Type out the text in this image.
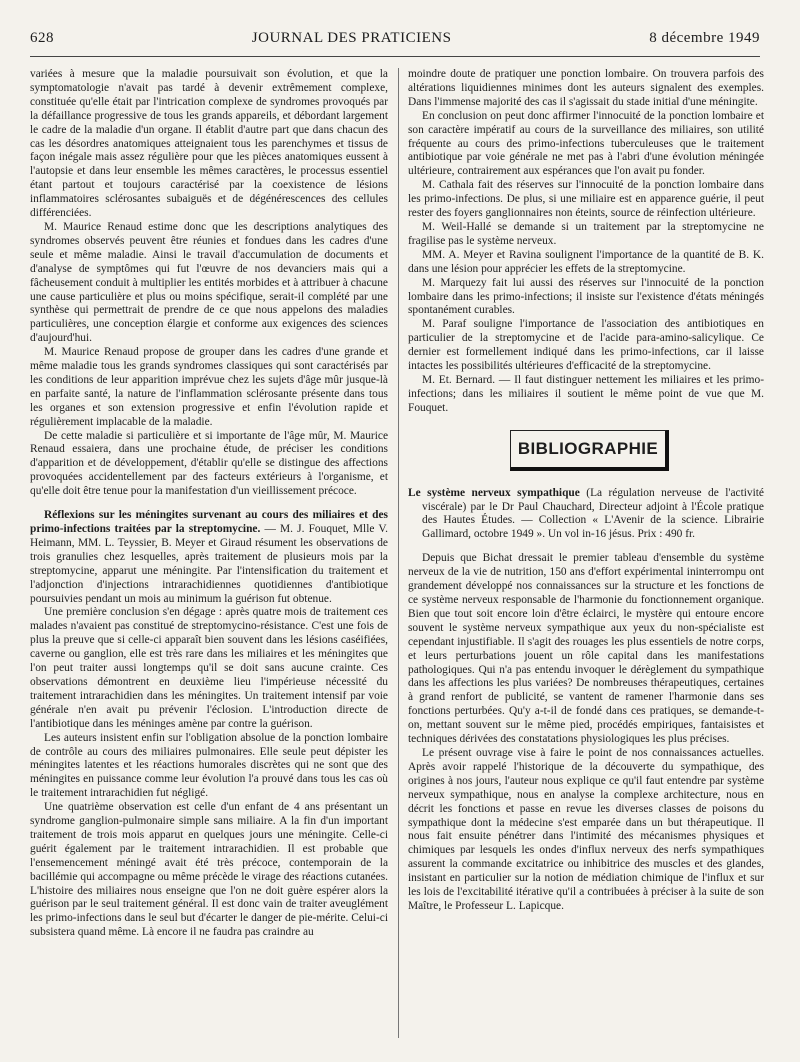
628	JOURNAL DES PRATICIENS	8 décembre 1949

variées à mesure que la maladie poursuivait son évolution, et que la symptomatologie n'avait pas tardé à devenir extrêmement complexe, constituée qu'elle était par l'intrication complexe de syndromes provoqués par la défaillance progressive de tous les grands appareils, et débordant largement le cadre de la maladie d'un organe. Il établit d'autre part que dans chacun des cas les désordres anatomiques atteignaient tous les parenchymes et tissus de façon inégale mais assez régulière pour que les pièces anatomiques eussent à l'autopsie et dans leur ensemble les mêmes caractères, le processus essentiel étant partout et toujours caractérisé par la coexistence de lésions inflammatoires sclérosantes subaiguës et de dégénérescences des cellules différenciées.

M. Maurice Renaud estime donc que les descriptions analytiques des syndromes observés peuvent être réunies et fondues dans les cadres d'une seule et même maladie. Ainsi le travail d'accumulation de documents et d'analyse de symptômes qui fut l'œuvre de nos devanciers mais qui a fâcheusement conduit à multiplier les entités morbides et à attribuer à chacune une cause particulière et plus ou moins spécifique, serait-il complété par une synthèse qui permettrait de prendre de ce que nous appelons des maladies particulières, une conception élargie et conforme aux exigences des sciences d'aujourd'hui.

M. Maurice Renaud propose de grouper dans les cadres d'une grande et même maladie tous les grands syndromes classiques qui sont caractérisés par les conditions de leur apparition imprévue chez les sujets d'âge mûr jusque-là en parfaite santé, la nature de l'inflammation sclérosante présente dans tous les organes et son extension progressive et enfin l'évolution rapide et régulièrement implacable de la maladie.

De cette maladie si particulière et si importante de l'âge mûr, M. Maurice Renaud essaiera, dans une prochaine étude, de préciser les conditions d'apparition et de développement, d'établir qu'elle se distingue des affections provoquées accidentellement par des facteurs extérieurs à l'organisme, et qu'elle doit être tenue pour la manifestation d'un vieillissement précoce.

Réflexions sur les méningites survenant au cours des miliaires et des primo-infections traitées par la streptomycine. — M. J. Fouquet, Mlle V. Heimann, MM. L. Teyssier, B. Meyer et Giraud résument les observations de trois granulies chez lesquelles, après traitement de plusieurs mois par la streptomycine, apparut une méningite. Par l'intensification du traitement et l'adjonction d'injections intrarachidiennes quotidiennes d'antibiotique poursuivies pendant un mois au minimum la guérison fut obtenue.

Une première conclusion s'en dégage : après quatre mois de traitement ces malades n'avaient pas constitué de streptomycino-résistance. C'est une fois de plus la preuve que si celle-ci apparaît bien souvent dans les lésions caséifiées, caverne ou ganglion, elle est très rare dans les miliaires et les méningites que l'on peut traiter aussi longtemps qu'il se doit sans aucune crainte. Ces observations démontrent en deuxième lieu l'impérieuse nécessité du traitement intrarachidien dans les méningites. Un traitement intensif par voie générale n'en avait pu prévenir l'éclosion. L'introduction directe de l'antibiotique dans les méninges amène par contre la guérison.

Les auteurs insistent enfin sur l'obligation absolue de la ponction lombaire de contrôle au cours des miliaires pulmonaires. Elle seule peut dépister les méningites latentes et les réactions humorales discrètes qui ne sont que des méningites en puissance comme leur évolution l'a prouvé dans tous les cas où le traitement intrarachidien fut négligé.

Une quatrième observation est celle d'un enfant de 4 ans présentant un syndrome ganglion-pulmonaire simple sans miliaire. A la fin d'un important traitement de trois mois apparut en quelques jours une méningite. Celle-ci guérit également par le traitement intrarachidien. Il est probable que l'ensemencement méningé avait été très précoce, contemporain de la bacillémie qui accompagne ou même précède le virage des réactions cutanées. L'histoire des miliaires nous enseigne que l'on ne doit guère espérer alors la guérison par le seul traitement général. Il est donc vain de traiter aveuglément les primo-infections dans le seul but d'écarter le danger de pie-mérite. Celui-ci subsistera quand même. Là encore il ne faudra pas craindre au

moindre doute de pratiquer une ponction lombaire. On trouvera parfois des altérations liquidiennes minimes dont les auteurs signalent des exemples. Dans l'immense majorité des cas il s'agissait du stade initial d'une méningite.

En conclusion on peut donc affirmer l'innocuité de la ponction lombaire et son caractère impératif au cours de la surveillance des miliaires, son utilité fréquente au cours des primo-infections tuberculeuses que le traitement antibiotique par voie générale ne met pas à l'abri d'une évolution méningée ultérieure, contrairement aux espérances que l'on avait pu fonder.

M. Cathala fait des réserves sur l'innocuité de la ponction lombaire dans les primo-infections. De plus, si une miliaire est en apparence guérie, il peut rester des foyers ganglionnaires non éteints, source de réinfection ultérieure.

M. Weil-Hallé se demande si un traitement par la streptomycine ne fragilise pas le système nerveux.

MM. A. Meyer et Ravina soulignent l'importance de la quantité de B. K. dans une lésion pour apprécier les effets de la streptomycine.

M. Marquezy fait lui aussi des réserves sur l'innocuité de la ponction lombaire dans les primo-infections; il insiste sur l'existence d'états méningés spontanément curables.

M. Paraf souligne l'importance de l'association des antibiotiques en particulier de la streptomycine et de l'acide para-amino-salicylique. Ce dernier est formellement indiqué dans les primo-infections, car il laisse intactes les possibilités ultérieures d'efficacité de la streptomycine.

M. Et. Bernard. — Il faut distinguer nettement les miliaires et les primo-infections; dans les miliaires il soutient le même point de vue que M. Fouquet.

BIBLIOGRAPHIE

Le système nerveux sympathique (La régulation nerveuse de l'activité viscérale) par le Dr Paul Chauchard, Directeur adjoint à l'École pratique des Hautes Études. — Collection « L'Avenir de la science. Librairie Gallimard, octobre 1949 ». Un vol in-16 jésus. Prix : 490 fr.

Depuis que Bichat dressait le premier tableau d'ensemble du système nerveux de la vie de nutrition, 150 ans d'effort expérimental ininterrompu ont grandement développé nos connaissances sur la structure et les fonctions de ce système nerveux responsable de l'harmonie du fonctionnement organique. Bien que tout soit encore loin d'être éclairci, le mystère qui entoure encore souvent le système nerveux sympathique aux yeux du non-spécialiste est cependant injustifiable. Il s'agit des rouages les plus essentiels de notre corps, et leurs perturbations jouent un rôle capital dans les manifestations pathologiques. Qui n'a pas entendu invoquer le dérèglement du sympathique dans les affections les plus variées? De nombreuses thérapeutiques, certaines à grand renfort de publicité, se vantent de ramener l'harmonie dans ses fonctions perturbées. Qu'y a-t-il de fondé dans ces pratiques, se demande-t-on, mettant souvent sur le même pied, procédés empiriques, fantaisistes et techniques dérivées des constatations physiologiques les plus précises.

Le présent ouvrage vise à faire le point de nos connaissances actuelles. Après avoir rappelé l'historique de la découverte du sympathique, des origines à nos jours, l'auteur nous explique ce qu'il faut entendre par système nerveux sympathique, nous en analyse la complexe architecture, nous en décrit les fonctions et passe en revue les diverses classes de poisons du sympathique dont la médecine s'est emparée dans un but thérapeutique. Il nous fait ensuite pénétrer dans l'intimité des mécanismes physiques et chimiques par lesquels les ondes d'influx nerveux des nerfs sympathiques assurent la commande excitatrice ou inhibitrice des muscles et des glandes, insistant en particulier sur la notion de médiation chimique de l'influx et sur les lois de l'excitabilité itérative qu'il a contribuées à préciser à la suite de son Maître, le Professeur L. Lapicque.
